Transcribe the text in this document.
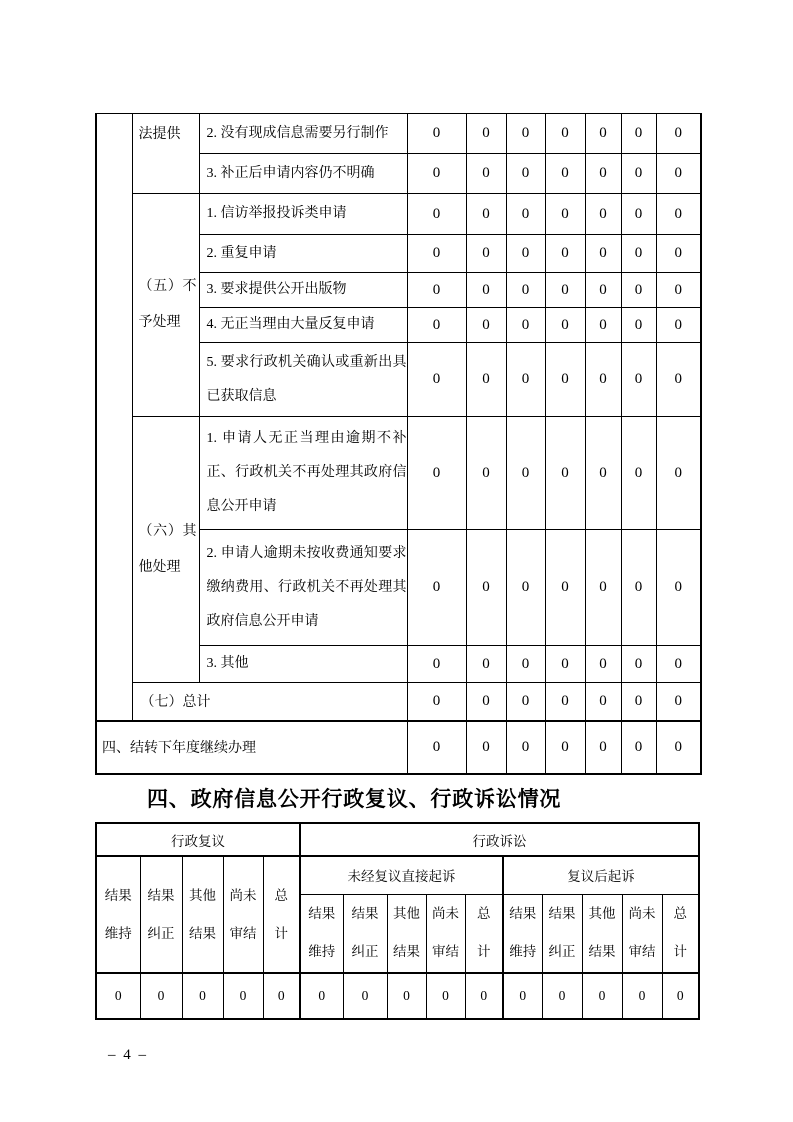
	法提供	2. 没有现成信息需要另行制作	0	0	0	0	0	0	0
		3. 补正后申请内容仍不明确	0	0	0	0	0	0	0
	（五）不予处理	1. 信访举报投诉类申请	0	0	0	0	0	0	0
		2. 重复申请	0	0	0	0	0	0	0
		3. 要求提供公开出版物	0	0	0	0	0	0	0
		4. 无正当理由大量反复申请	0	0	0	0	0	0	0
		5. 要求行政机关确认或重新出具已获取信息	0	0	0	0	0	0	0
	（六）其他处理	1. 申请人无正当理由逾期不补正、行政机关不再处理其政府信息公开申请	0	0	0	0	0	0	0
		2. 申请人逾期未按收费通知要求缴纳费用、行政机关不再处理其政府信息公开申请	0	0	0	0	0	0	0
		3. 其他	0	0	0	0	0	0	0
	（七）总计		0	0	0	0	0	0	0
四、结转下年度继续办理			0	0	0	0	0	0	0
四、政府信息公开行政复议、行政诉讼情况
行政复议					行政诉讼									
结果维持	结果纠正	其他结果	尚未审结	总计	未经复议直接起诉					复议后起诉				
					结果维持	结果纠正	其他结果	尚未审结	总计	结果维持	结果纠正	其他结果	尚未审结	总计
0	0	0	0	0	0	0	0	0	0	0	0	0	0	0
– 4 –
